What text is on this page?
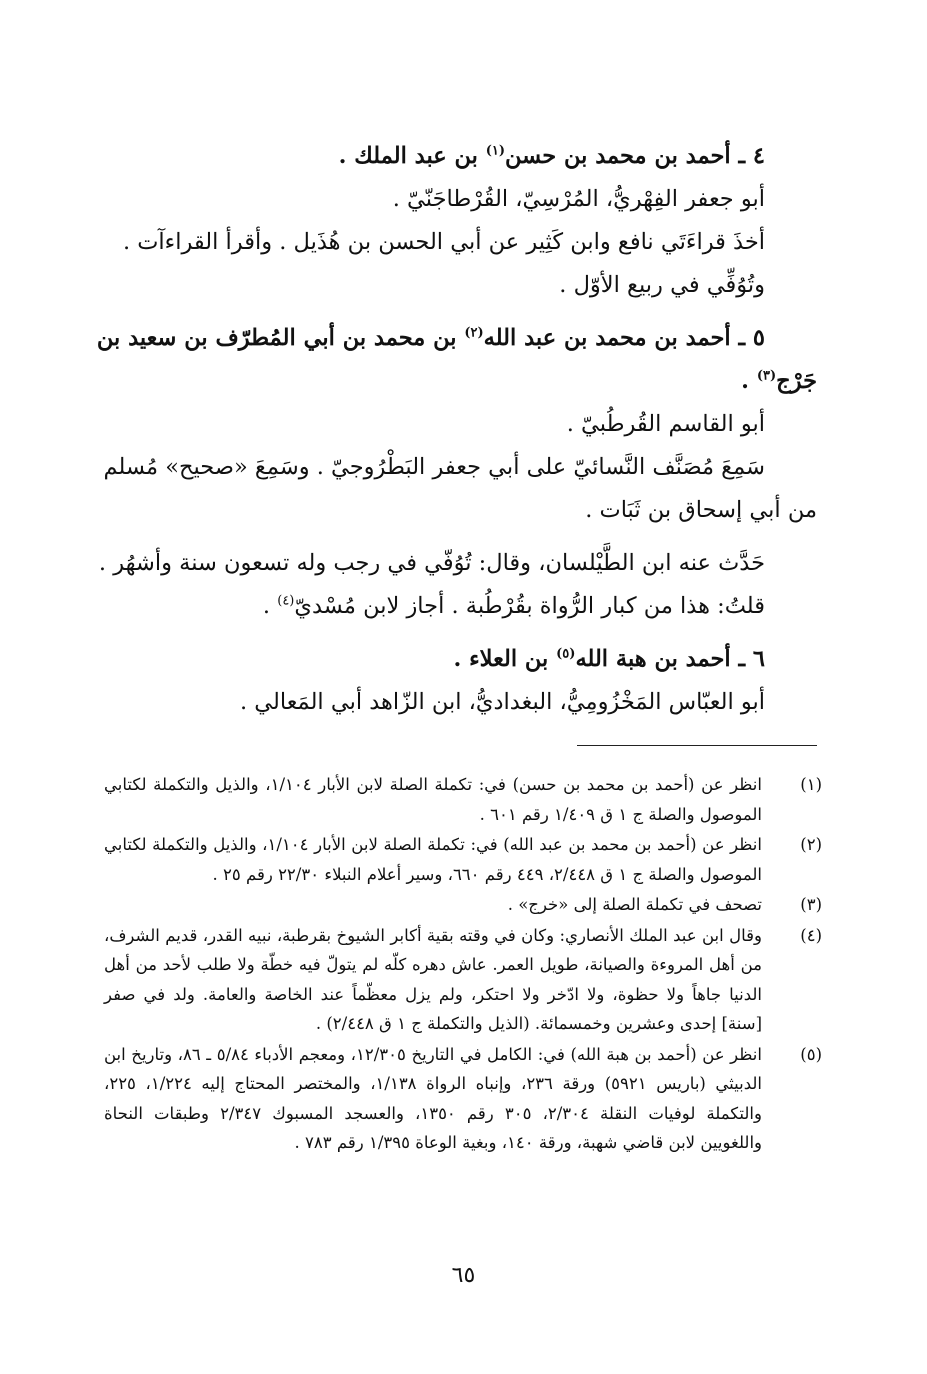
٤ ـ أحمد بن محمد بن حسن$^{(١)}$ بن عبد الملك .
أبو جعفر الفِهْريُّ، المُرْسِيّ، القُرْطاجَنّيّ .
أخذَ قراءَتَي نافع وابن كَثِير عن أبي الحسن بن هُذَيل . وأقرأ القراءآت .
وتُوُفِّي في ربيع الأوّل .
٥ ـ أحمد بن محمد بن عبد الله$^{(٢)}$ بن محمد بن أبي المُطرّف بن سعيد بن
جَرْج$^{(٣)}$ .
أبو القاسم القُرطُبيّ .
سَمِعَ مُصَنَّف النَّسائيّ على أبي جعفر البَطْرُوجيّ . وسَمِعَ «صحيح» مُسلم
من أبي إسحاق بن ثَبَات .
حَدَّث عنه ابن الطَّيْلسان، وقال: تُوُفّي في رجب وله تسعون سنة وأشهُر .
قلتُ: هذا من كبار الرُّواة بقُرْطُبة . أجاز لابن مُسْديّ$^{(٤)}$ .
٦ ـ أحمد بن هبة الله$^{(٥)}$ بن العلاء .
أبو العبّاس المَخْزُومِيُّ، البغداديُّ، ابن الزّاهد أبي المَعالي .
(١)
انظر عن (أحمد بن محمد بن حسن) في: تكملة الصلة لابن الأبار ١/١٠٤، والذيل والتكملة لكتابي الموصول والصلة ج ١ ق ١/٤٠٩ رقم ٦٠١ .
(٢)
انظر عن (أحمد بن محمد بن عبد الله) في: تكملة الصلة لابن الأبار ١/١٠٤، والذيل والتكملة لكتابي الموصول والصلة ج ١ ق ٢/٤٤٨، ٤٤٩ رقم ٦٦٠، وسير أعلام النبلاء ٢٢/٣٠ رقم ٢٥ .
(٣)
تصحف في تكملة الصلة إلى «خرج» .
(٤)
وقال ابن عبد الملك الأنصاري: وكان في وقته بقية أكابر الشيوخ بقرطبة، نبيه القدر، قديم الشرف، من أهل المروءة والصيانة، طويل العمر. عاش دهره كلّه لم يتولّ فيه خطّة ولا طلب لأحد من أهل الدنيا جاهاً ولا حظوة، ولا ادّخر ولا احتكر، ولم يزل معظّماً عند الخاصة والعامة. ولد في صفر [سنة] إحدى وعشرين وخمسمائة. (الذيل والتكملة ج ١ ق ٢/٤٤٨) .
(٥)
انظر عن (أحمد بن هبة الله) في: الكامل في التاريخ ١٢/٣٠٥، ومعجم الأدباء ٥/٨٤ ـ ٨٦، وتاريخ ابن الدبيثي (باريس ٥٩٢١) ورقة ٢٣٦، وإنباه الرواة ١/١٣٨، والمختصر المحتاج إليه ١/٢٢٤، ٢٢٥، والتكملة لوفيات النقلة ٢/٣٠٤، ٣٠٥ رقم ١٣٥٠، والعسجد المسبوك ٢/٣٤٧ وطبقات النحاة واللغويين لابن قاضي شهبة، ورقة ١٤٠، وبغية الوعاة ١/٣٩٥ رقم ٧٨٣ .
٦٥
